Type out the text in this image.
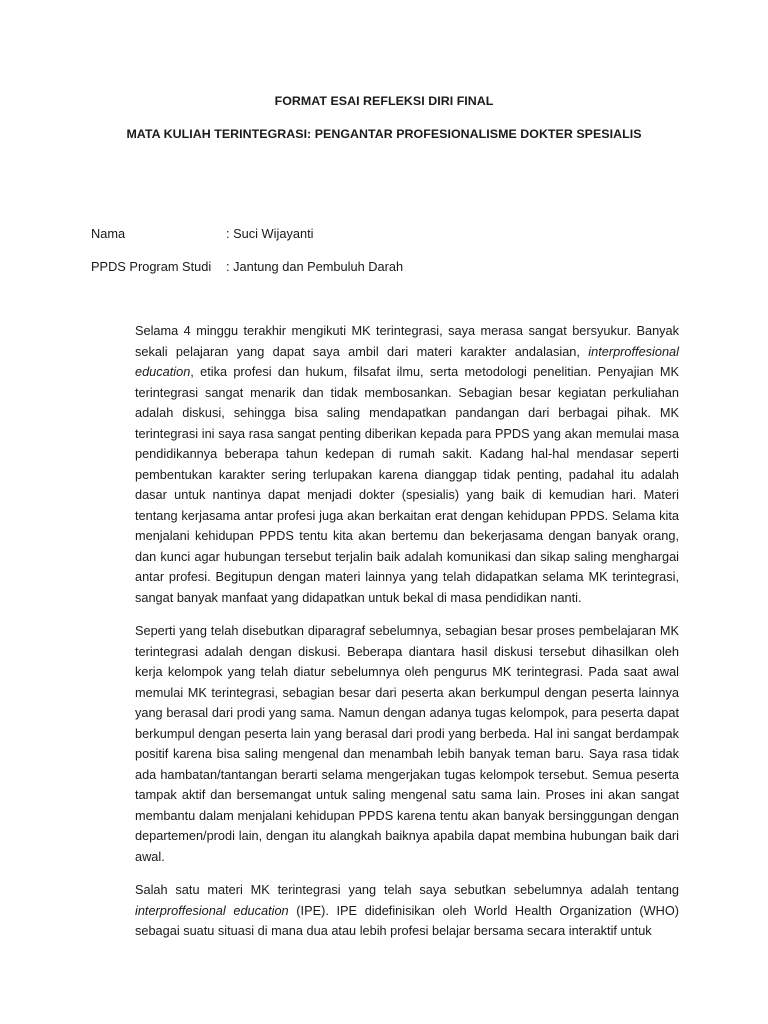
FORMAT ESAI REFLEKSI DIRI FINAL
MATA KULIAH TERINTEGRASI: PENGANTAR PROFESIONALISME DOKTER SPESIALIS
Nama	: Suci Wijayanti
PPDS Program Studi : Jantung dan Pembuluh Darah

Selama 4 minggu terakhir mengikuti MK terintegrasi, saya merasa sangat bersyukur. Banyak sekali pelajaran yang dapat saya ambil dari materi karakter andalasian, interproffesional education, etika profesi dan hukum, filsafat ilmu, serta metodologi penelitian. Penyajian MK terintegrasi sangat menarik dan tidak membosankan. Sebagian besar kegiatan perkuliahan adalah diskusi, sehingga bisa saling mendapatkan pandangan dari berbagai pihak. MK terintegrasi ini saya rasa sangat penting diberikan kepada para PPDS yang akan memulai masa pendidikannya beberapa tahun kedepan di rumah sakit. Kadang hal-hal mendasar seperti pembentukan karakter sering terlupakan karena dianggap tidak penting, padahal itu adalah dasar untuk nantinya dapat menjadi dokter (spesialis) yang baik di kemudian hari. Materi tentang kerjasama antar profesi juga akan berkaitan erat dengan kehidupan PPDS. Selama kita menjalani kehidupan PPDS tentu kita akan bertemu dan bekerjasama dengan banyak orang, dan kunci agar hubungan tersebut terjalin baik adalah komunikasi dan sikap saling menghargai antar profesi. Begitupun dengan materi lainnya yang telah didapatkan selama MK terintegrasi, sangat banyak manfaat yang didapatkan untuk bekal di masa pendidikan nanti.

Seperti yang telah disebutkan diparagraf sebelumnya, sebagian besar proses pembelajaran MK terintegrasi adalah dengan diskusi. Beberapa diantara hasil diskusi tersebut dihasilkan oleh kerja kelompok yang telah diatur sebelumnya oleh pengurus MK terintegrasi. Pada saat awal memulai MK terintegrasi, sebagian besar dari peserta akan berkumpul dengan peserta lainnya yang berasal dari prodi yang sama. Namun dengan adanya tugas kelompok, para peserta dapat berkumpul dengan peserta lain yang berasal dari prodi yang berbeda. Hal ini sangat berdampak positif karena bisa saling mengenal dan menambah lebih banyak teman baru. Saya rasa tidak ada hambatan/tantangan berarti selama mengerjakan tugas kelompok tersebut. Semua peserta tampak aktif dan bersemangat untuk saling mengenal satu sama lain. Proses ini akan sangat membantu dalam menjalani kehidupan PPDS karena tentu akan banyak bersinggungan dengan departemen/prodi lain, dengan itu alangkah baiknya apabila dapat membina hubungan baik dari awal.

Salah satu materi MK terintegrasi yang telah saya sebutkan sebelumnya adalah tentang interproffesional education (IPE). IPE didefinisikan oleh World Health Organization (WHO) sebagai suatu situasi di mana dua atau lebih profesi belajar bersama secara interaktif untuk
